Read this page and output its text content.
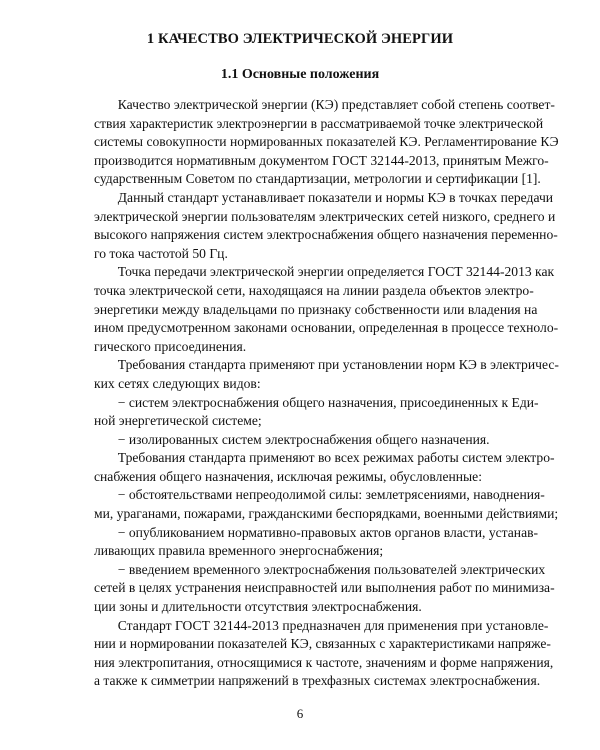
1 КАЧЕСТВО ЭЛЕКТРИЧЕСКОЙ ЭНЕРГИИ
1.1 Основные положения
Качество электрической энергии (КЭ) представляет собой степень соответ-
ствия характеристик электроэнергии в рассматриваемой точке электрической
системы совокупности нормированных показателей КЭ. Регламентирование КЭ
производится нормативным документом ГОСТ 32144-2013, принятым Межго-
сударственным Советом по стандартизации, метрологии и сертификации [1].
Данный стандарт устанавливает показатели и нормы КЭ в точках передачи
электрической энергии пользователям электрических сетей низкого, среднего и
высокого напряжения систем электроснабжения общего назначения переменно-
го тока частотой 50 Гц.
Точка передачи электрической энергии определяется ГОСТ 32144-2013 как
точка электрической сети, находящаяся на линии раздела объектов электро-
энергетики между владельцами по признаку собственности или владения на
ином предусмотренном законами основании, определенная в процессе техноло-
гического присоединения.
Требования стандарта применяют при установлении норм КЭ в электричес-
ких сетях следующих видов:
− систем электроснабжения общего назначения, присоединенных к Еди-
ной энергетической системе;
− изолированных систем электроснабжения общего назначения.
Требования стандарта применяют во всех режимах работы систем электро-
снабжения общего назначения, исключая режимы, обусловленные:
− обстоятельствами непреодолимой силы: землетрясениями, наводнения-
ми, ураганами, пожарами, гражданскими беспорядками, военными действиями;
− опубликованием нормативно-правовых актов органов власти, устанав-
ливающих правила временного энергоснабжения;
− введением временного электроснабжения пользователей электрических
сетей в целях устранения неисправностей или выполнения работ по минимиза-
ции зоны и длительности отсутствия электроснабжения.
Стандарт ГОСТ 32144-2013 предназначен для применения при установле-
нии и нормировании показателей КЭ, связанных с характеристиками напряже-
ния электропитания, относящимися к частоте, значениям и форме напряжения,
а также к симметрии напряжений в трехфазных системах электроснабжения.
6
